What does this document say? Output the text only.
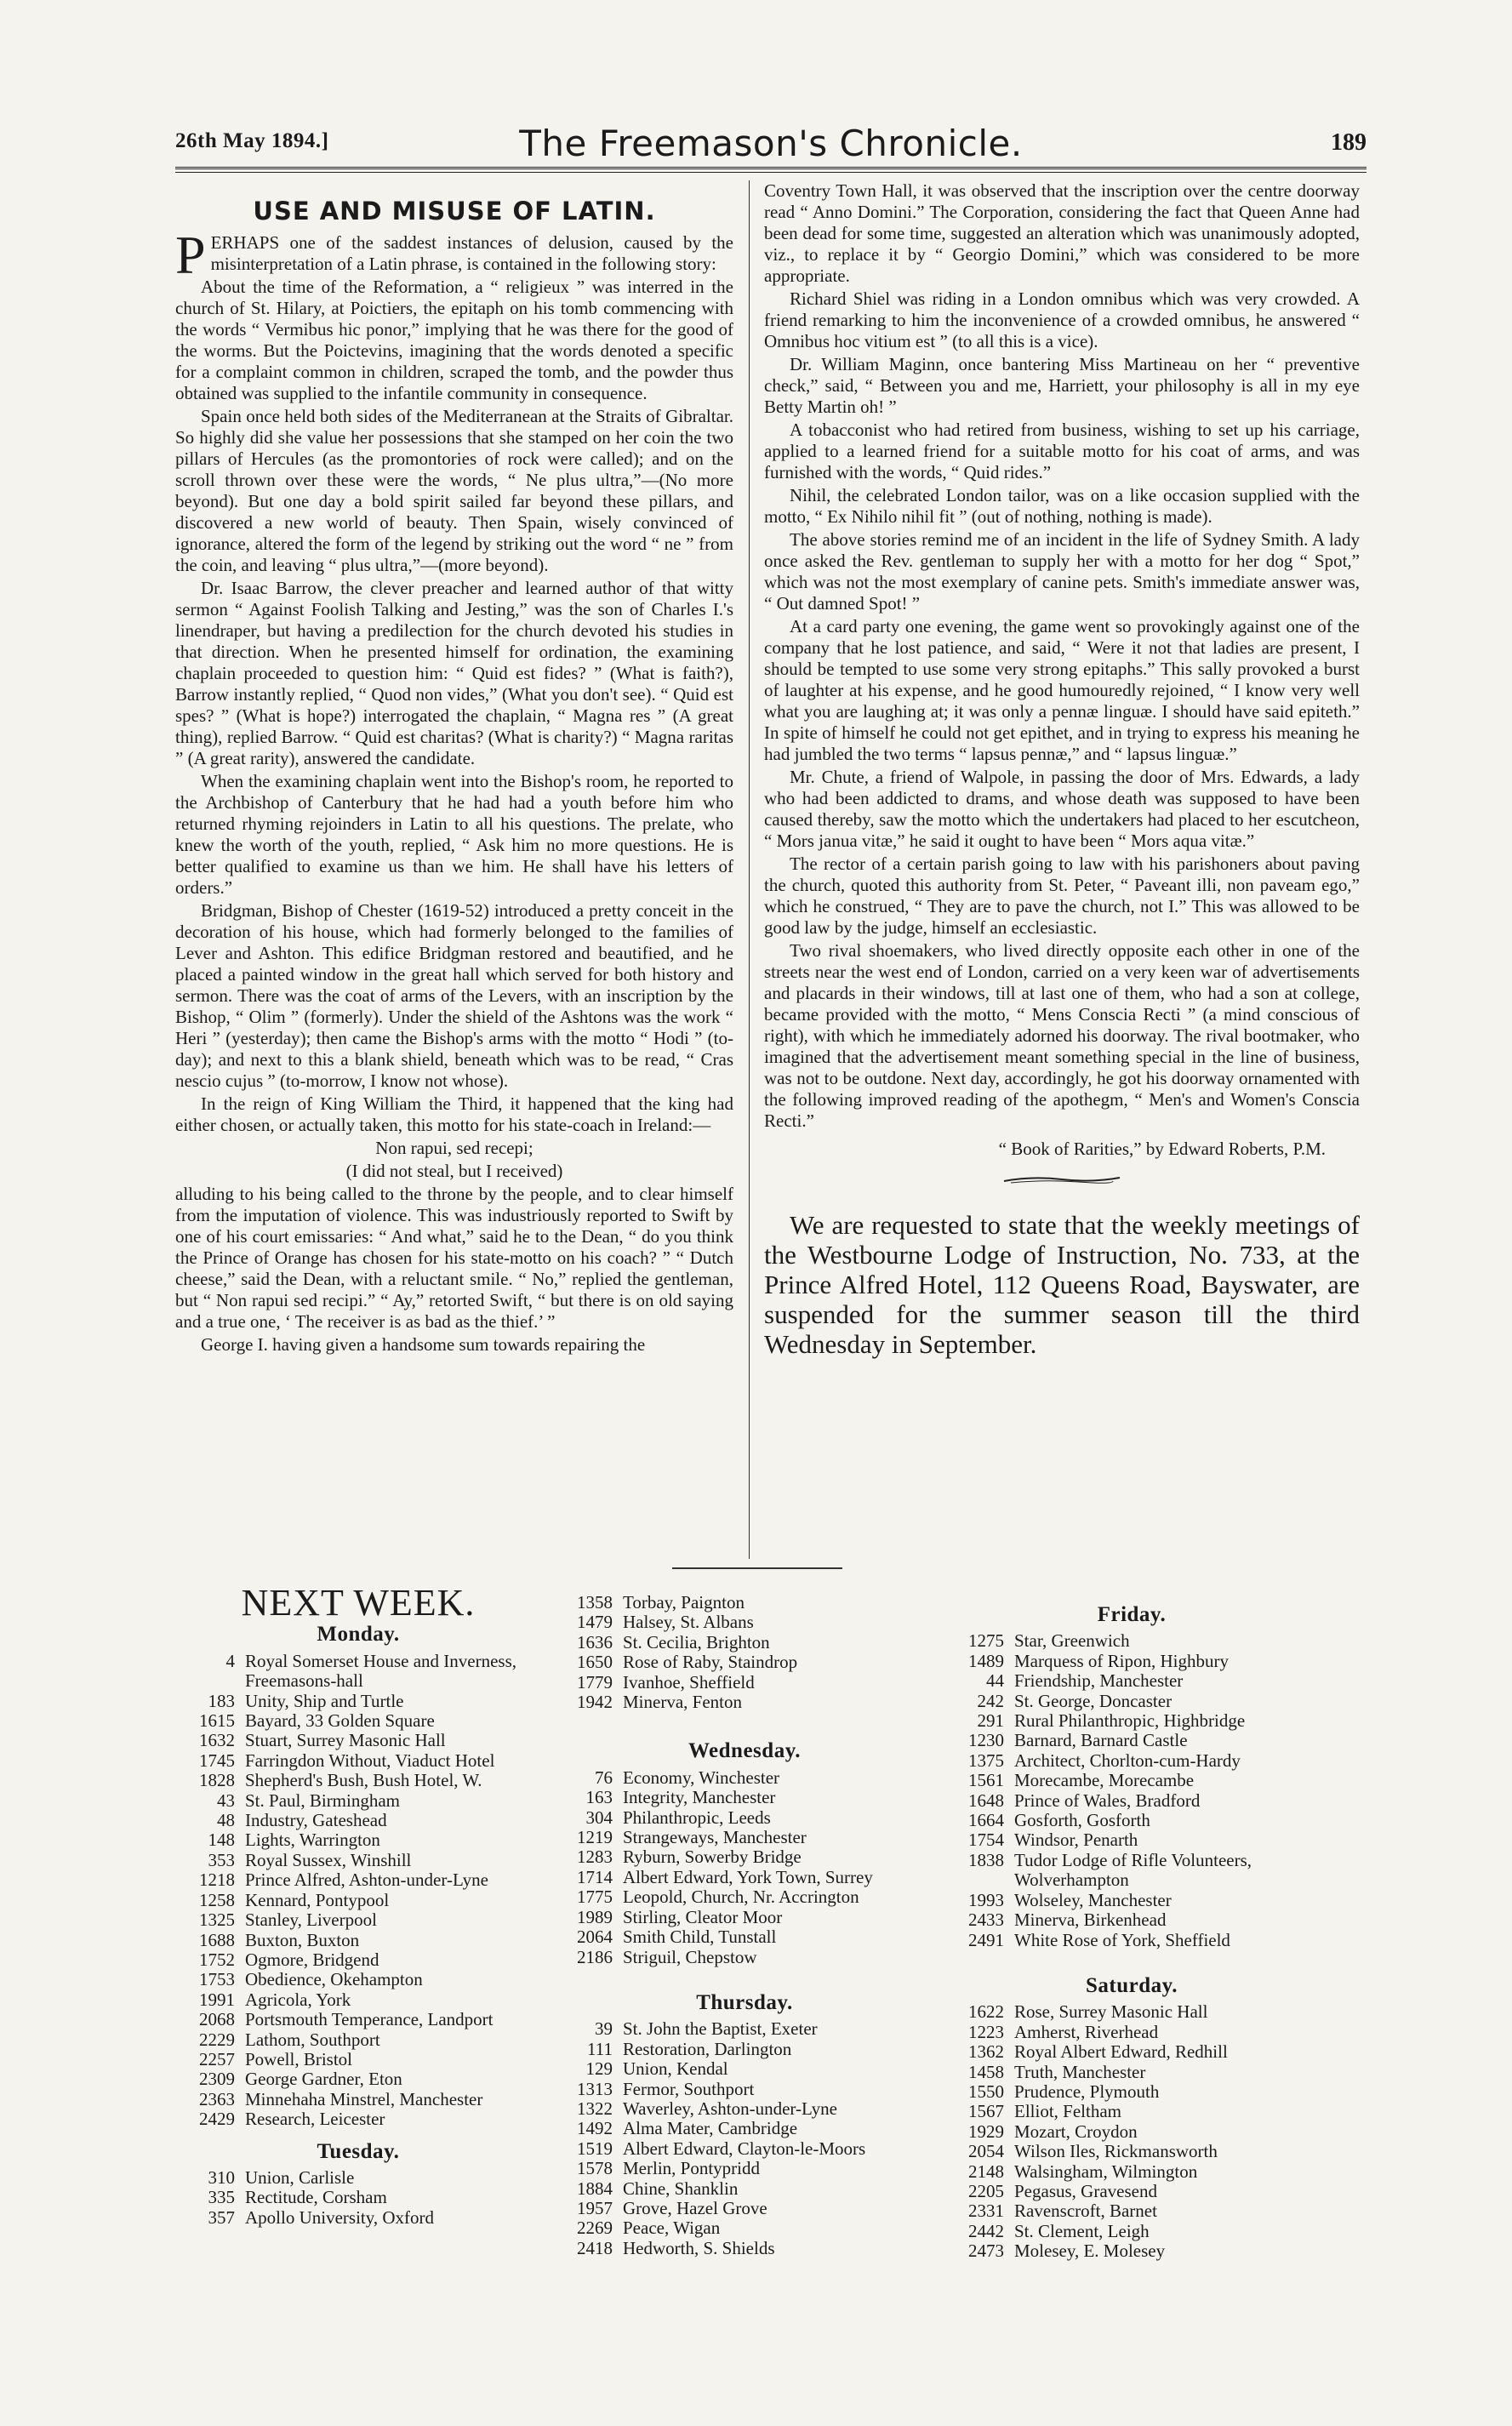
26th May 1894.]	The Freemason's Chronicle.	189
USE AND MISUSE OF LATIN.

PERHAPS one of the saddest instances of delusion, caused by the misinterpretation of a Latin phrase, is contained in the following story:

About the time of the Reformation, a “ religieux ” was interred in the church of St. Hilary, at Poictiers, the epitaph on his tomb commencing with the words “ Vermibus hic ponor,” implying that he was there for the good of the worms. But the Poictevins, imagining that the words denoted a specific for a complaint common in children, scraped the tomb, and the powder thus obtained was supplied to the infantile community in consequence.

Spain once held both sides of the Mediterranean at the Straits of Gibraltar. So highly did she value her possessions that she stamped on her coin the two pillars of Hercules (as the promontories of rock were called); and on the scroll thrown over these were the words, “ Ne plus ultra,”—(No more beyond). But one day a bold spirit sailed far beyond these pillars, and discovered a new world of beauty. Then Spain, wisely convinced of ignorance, altered the form of the legend by striking out the word “ ne ” from the coin, and leaving “ plus ultra,”—(more beyond).

Dr. Isaac Barrow, the clever preacher and learned author of that witty sermon “ Against Foolish Talking and Jesting,” was the son of Charles I.'s linendraper, but having a predilection for the church devoted his studies in that direction. When he presented himself for ordination, the examining chaplain proceeded to question him: “ Quid est fides? ” (What is faith?), Barrow instantly replied, “ Quod non vides,” (What you don't see). “ Quid est spes? ” (What is hope?) interrogated the chaplain, “ Magna res ” (A great thing), replied Barrow. “ Quid est charitas? (What is charity?) “ Magna raritas ” (A great rarity), answered the candidate.

When the examining chaplain went into the Bishop's room, he reported to the Archbishop of Canterbury that he had had a youth before him who returned rhyming rejoinders in Latin to all his questions. The prelate, who knew the worth of the youth, replied, “ Ask him no more questions. He is better qualified to examine us than we him. He shall have his letters of orders.”

Bridgman, Bishop of Chester (1619-52) introduced a pretty conceit in the decoration of his house, which had formerly belonged to the families of Lever and Ashton. This edifice Bridgman restored and beautified, and he placed a painted window in the great hall which served for both history and sermon. There was the coat of arms of the Levers, with an inscription by the Bishop, “ Olim ” (formerly). Under the shield of the Ashtons was the work “ Heri ” (yesterday); then came the Bishop's arms with the motto “ Hodi ” (to-day); and next to this a blank shield, beneath which was to be read, “ Cras nescio cujus ” (to-morrow, I know not whose).

In the reign of King William the Third, it happened that the king had either chosen, or actually taken, this motto for his state-coach in Ireland:—

Non rapui, sed recepi;

(I did not steal, but I received)

alluding to his being called to the throne by the people, and to clear himself from the imputation of violence. This was industriously reported to Swift by one of his court emissaries: “ And what,” said he to the Dean, “ do you think the Prince of Orange has chosen for his state-motto on his coach? ” “ Dutch cheese,” said the Dean, with a reluctant smile. “ No,” replied the gentleman, but “ Non rapui sed recipi.” “ Ay,” retorted Swift, “ but there is on old saying and a true one, ‘ The receiver is as bad as the thief.’ ”

George I. having given a handsome sum towards repairing the

Coventry Town Hall, it was observed that the inscription over the centre doorway read “ Anno Domini.” The Corporation, considering the fact that Queen Anne had been dead for some time, suggested an alteration which was unanimously adopted, viz., to replace it by “ Georgio Domini,” which was considered to be more appropriate.

Richard Shiel was riding in a London omnibus which was very crowded. A friend remarking to him the inconvenience of a crowded omnibus, he answered “ Omnibus hoc vitium est ” (to all this is a vice).

Dr. William Maginn, once bantering Miss Martineau on her “ preventive check,” said, “ Between you and me, Harriett, your philosophy is all in my eye Betty Martin oh! ”

A tobacconist who had retired from business, wishing to set up his carriage, applied to a learned friend for a suitable motto for his coat of arms, and was furnished with the words, “ Quid rides.”

Nihil, the celebrated London tailor, was on a like occasion supplied with the motto, “ Ex Nihilo nihil fit ” (out of nothing, nothing is made).

The above stories remind me of an incident in the life of Sydney Smith. A lady once asked the Rev. gentleman to supply her with a motto for her dog “ Spot,” which was not the most exemplary of canine pets. Smith's immediate answer was, “ Out damned Spot! ”

At a card party one evening, the game went so provokingly against one of the company that he lost patience, and said, “ Were it not that ladies are present, I should be tempted to use some very strong epitaphs.” This sally provoked a burst of laughter at his expense, and he good humouredly rejoined, “ I know very well what you are laughing at; it was only a pennæ linguæ. I should have said epiteth.” In spite of himself he could not get epithet, and in trying to express his meaning he had jumbled the two terms “ lapsus pennæ,” and “ lapsus linguæ.”

Mr. Chute, a friend of Walpole, in passing the door of Mrs. Edwards, a lady who had been addicted to drams, and whose death was supposed to have been caused thereby, saw the motto which the undertakers had placed to her escutcheon, “ Mors janua vitæ,” he said it ought to have been “ Mors aqua vitæ.”

The rector of a certain parish going to law with his parishoners about paving the church, quoted this authority from St. Peter, “ Paveant illi, non paveam ego,” which he construed, “ They are to pave the church, not I.” This was allowed to be good law by the judge, himself an ecclesiastic.

Two rival shoemakers, who lived directly opposite each other in one of the streets near the west end of London, carried on a very keen war of advertisements and placards in their windows, till at last one of them, who had a son at college, became provided with the motto, “ Mens Conscia Recti ” (a mind conscious of right), with which he immediately adorned his doorway. The rival bootmaker, who imagined that the advertisement meant something special in the line of business, was not to be outdone. Next day, accordingly, he got his doorway ornamented with the following improved reading of the apothegm, “ Men's and Women's Conscia Recti.”

“ Book of Rarities,” by Edward Roberts, P.M.

We are requested to state that the weekly meetings of the Westbourne Lodge of Instruction, No. 733, at the Prince Alfred Hotel, 112 Queens Road, Bayswater, are suspended for the summer season till the third Wednesday in September.

NEXT WEEK.
Monday.
4 Royal Somerset House and Inverness, Freemasons-hall
183 Unity, Ship and Turtle
1615 Bayard, 33 Golden Square
1632 Stuart, Surrey Masonic Hall
1745 Farringdon Without, Viaduct Hotel
1828 Shepherd's Bush, Bush Hotel, W.
43 St. Paul, Birmingham
48 Industry, Gateshead
148 Lights, Warrington
353 Royal Sussex, Winshill
1218 Prince Alfred, Ashton-under-Lyne
1258 Kennard, Pontypool
1325 Stanley, Liverpool
1688 Buxton, Buxton
1752 Ogmore, Bridgend
1753 Obedience, Okehampton
1991 Agricola, York
2068 Portsmouth Temperance, Landport
2229 Lathom, Southport
2257 Powell, Bristol
2309 George Gardner, Eton
2363 Minnehaha Minstrel, Manchester
2429 Research, Leicester
Tuesday.
310 Union, Carlisle
335 Rectitude, Corsham
357 Apollo University, Oxford
1358 Torbay, Paignton
1479 Halsey, St. Albans
1636 St. Cecilia, Brighton
1650 Rose of Raby, Staindrop
1779 Ivanhoe, Sheffield
1942 Minerva, Fenton
Wednesday.
76 Economy, Winchester
163 Integrity, Manchester
304 Philanthropic, Leeds
1219 Strangeways, Manchester
1283 Ryburn, Sowerby Bridge
1714 Albert Edward, York Town, Surrey
1775 Leopold, Church, Nr. Accrington
1989 Stirling, Cleator Moor
2064 Smith Child, Tunstall
2186 Striguil, Chepstow
Thursday.
39 St. John the Baptist, Exeter
111 Restoration, Darlington
129 Union, Kendal
1313 Fermor, Southport
1322 Waverley, Ashton-under-Lyne
1492 Alma Mater, Cambridge
1519 Albert Edward, Clayton-le-Moors
1578 Merlin, Pontypridd
1884 Chine, Shanklin
1957 Grove, Hazel Grove
2269 Peace, Wigan
2418 Hedworth, S. Shields
Friday.
1275 Star, Greenwich
1489 Marquess of Ripon, Highbury
44 Friendship, Manchester
242 St. George, Doncaster
291 Rural Philanthropic, Highbridge
1230 Barnard, Barnard Castle
1375 Architect, Chorlton-cum-Hardy
1561 Morecambe, Morecambe
1648 Prince of Wales, Bradford
1664 Gosforth, Gosforth
1754 Windsor, Penarth
1838 Tudor Lodge of Rifle Volunteers, Wolverhampton
1993 Wolseley, Manchester
2433 Minerva, Birkenhead
2491 White Rose of York, Sheffield
Saturday.
1622 Rose, Surrey Masonic Hall
1223 Amherst, Riverhead
1362 Royal Albert Edward, Redhill
1458 Truth, Manchester
1550 Prudence, Plymouth
1567 Elliot, Feltham
1929 Mozart, Croydon
2054 Wilson Iles, Rickmansworth
2148 Walsingham, Wilmington
2205 Pegasus, Gravesend
2331 Ravenscroft, Barnet
2442 St. Clement, Leigh
2473 Molesey, E. Molesey
